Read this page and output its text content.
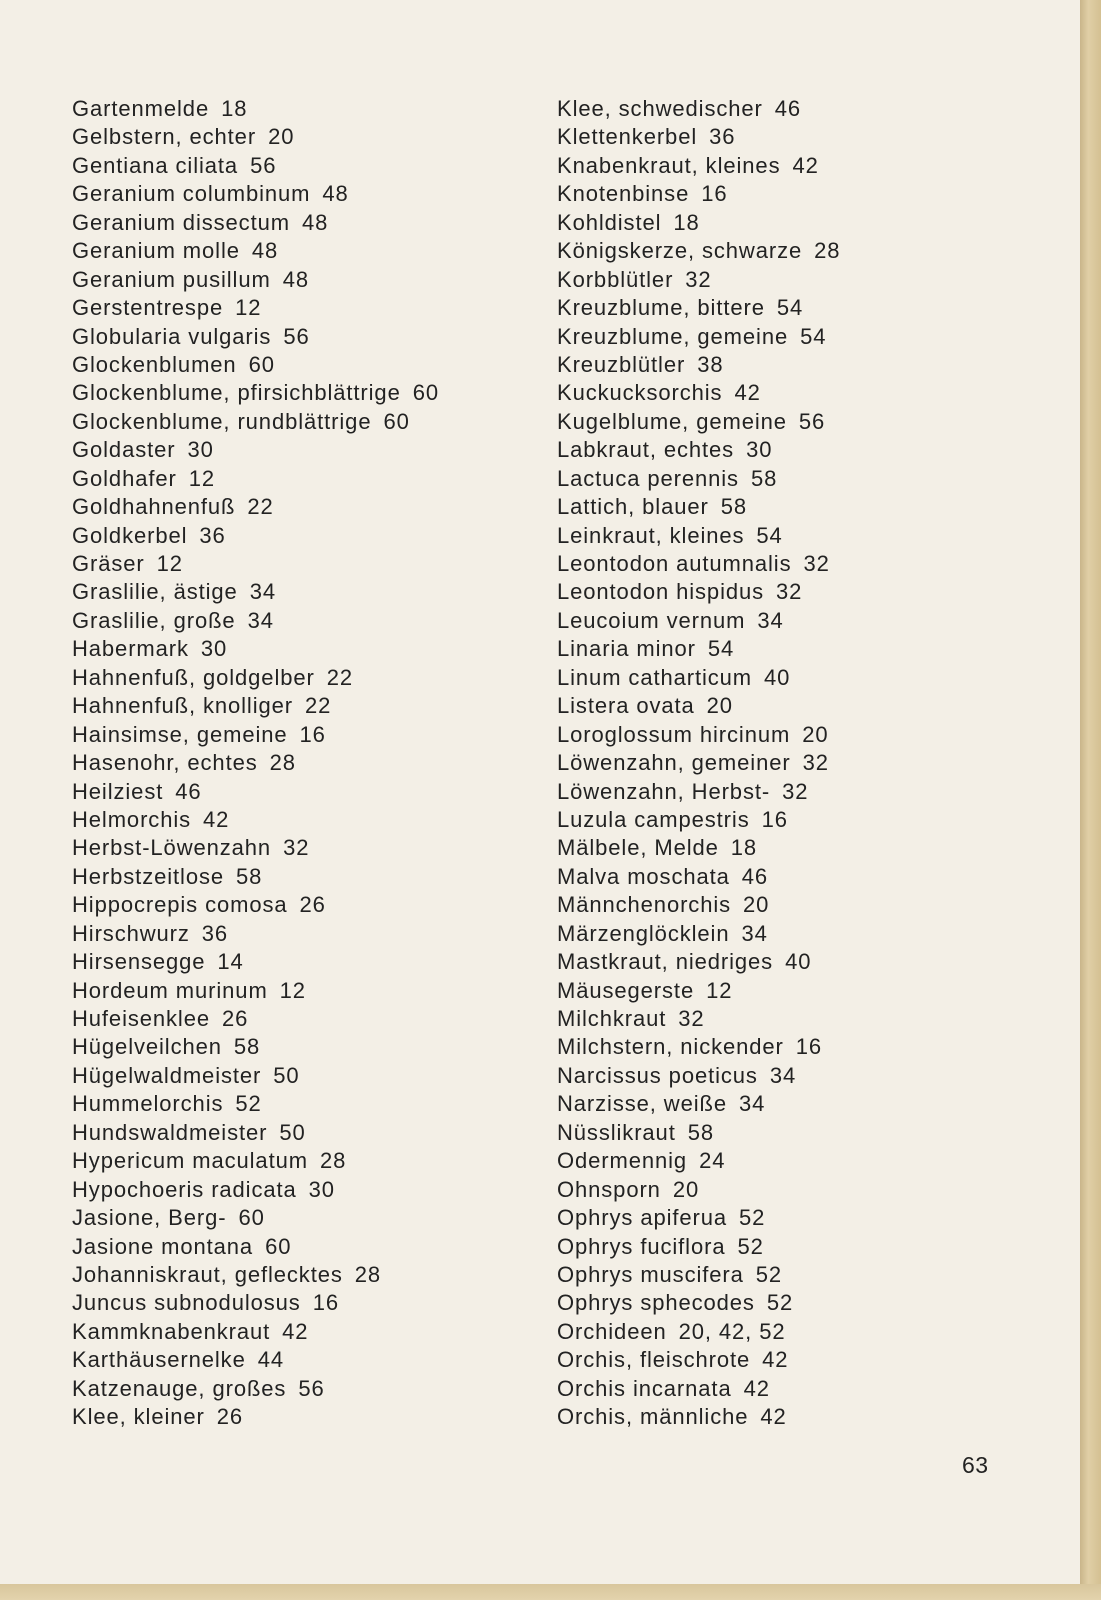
Gartenmelde 18
Gelbstern, echter 20
Gentiana ciliata 56
Geranium columbinum 48
Geranium dissectum 48
Geranium molle 48
Geranium pusillum 48
Gerstentrespe 12
Globularia vulgaris 56
Glockenblumen 60
Glockenblume, pfirsichblättrige 60
Glockenblume, rundblättrige 60
Goldaster 30
Goldhafer 12
Goldhahnenfuß 22
Goldkerbel 36
Gräser 12
Graslilie, ästige 34
Graslilie, große 34
Habermark 30
Hahnenfuß, goldgelber 22
Hahnenfuß, knolliger 22
Hainsimse, gemeine 16
Hasenohr, echtes 28
Heilziest 46
Helmorchis 42
Herbst-Löwenzahn 32
Herbstzeitlose 58
Hippocrepis comosa 26
Hirschwurz 36
Hirsensegge 14
Hordeum murinum 12
Hufeisenklee 26
Hügelveilchen 58
Hügelwaldmeister 50
Hummelorchis 52
Hundswaldmeister 50
Hypericum maculatum 28
Hypochoeris radicata 30
Jasione, Berg- 60
Jasione montana 60
Johanniskraut, geflecktes 28
Juncus subnodulosus 16
Kammknabenkraut 42
Karthäusernelke 44
Katzenauge, großes 56
Klee, kleiner 26
Klee, schwedischer 46
Klettenkerbel 36
Knabenkraut, kleines 42
Knotenbinse 16
Kohldistel 18
Königskerze, schwarze 28
Korbblütler 32
Kreuzblume, bittere 54
Kreuzblume, gemeine 54
Kreuzblütler 38
Kuckucksorchis 42
Kugelblume, gemeine 56
Labkraut, echtes 30
Lactuca perennis 58
Lattich, blauer 58
Leinkraut, kleines 54
Leontodon autumnalis 32
Leontodon hispidus 32
Leucoium vernum 34
Linaria minor 54
Linum catharticum 40
Listera ovata 20
Loroglossum hircinum 20
Löwenzahn, gemeiner 32
Löwenzahn, Herbst- 32
Luzula campestris 16
Mälbele, Melde 18
Malva moschata 46
Männchenorchis 20
Märzenglöcklein 34
Mastkraut, niedriges 40
Mäusegerste 12
Milchkraut 32
Milchstern, nickender 16
Narcissus poeticus 34
Narzisse, weiße 34
Nüsslikraut 58
Odermennig 24
Ohnsporn 20
Ophrys apiferua 52
Ophrys fuciflora 52
Ophrys muscifera 52
Ophrys sphecodes 52
Orchideen 20, 42, 52
Orchis, fleischrote 42
Orchis incarnata 42
Orchis, männliche 42
63
